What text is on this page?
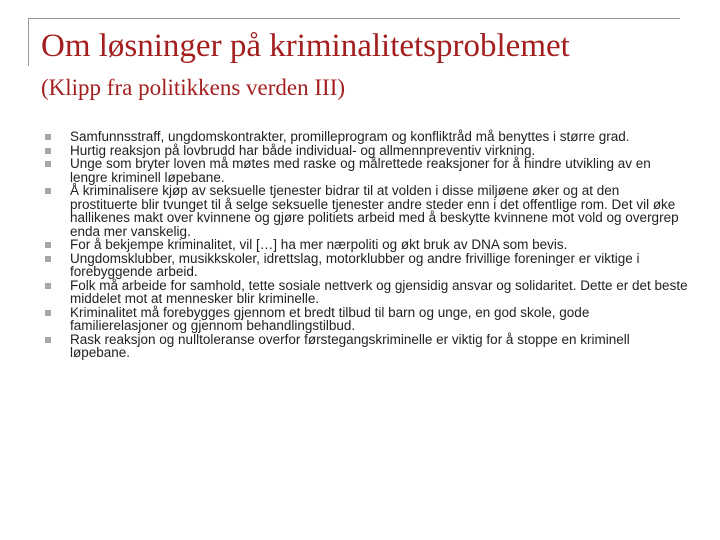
Om løsninger på kriminalitetsproblemet
(Klipp fra politikkens verden III)
Samfunnsstraff, ungdomskontrakter, promilleprogram og konfliktråd må benyttes i større grad.
Hurtig reaksjon på lovbrudd har både individual- og allmennpreventiv virkning.
Unge som bryter loven må møtes med raske og målrettede reaksjoner for å hindre utvikling av en lengre kriminell løpebane.
Å kriminalisere kjøp av seksuelle tjenester bidrar til at volden i disse miljøene øker og at den prostituerte blir tvunget til å selge seksuelle tjenester andre steder enn i det offentlige rom. Det vil øke hallikenes makt over kvinnene og gjøre politiets arbeid med å beskytte kvinnene mot vold og overgrep enda mer vanskelig.
For å bekjempe kriminalitet, vil […] ha mer nærpoliti og økt bruk av DNA som bevis.
Ungdomsklubber, musikkskoler, idrettslag, motorklubber og andre frivillige foreninger er viktige i forebyggende arbeid.
Folk må arbeide for samhold, tette sosiale nettverk og gjensidig ansvar og solidaritet. Dette er det beste middelet mot at mennesker blir kriminelle.
Kriminalitet må forebygges gjennom et bredt tilbud til barn og unge, en god skole, gode familierelasjoner og gjennom behandlingstilbud.
Rask reaksjon og nulltoleranse overfor førstegangskriminelle er viktig for å stoppe en kriminell løpebane.
